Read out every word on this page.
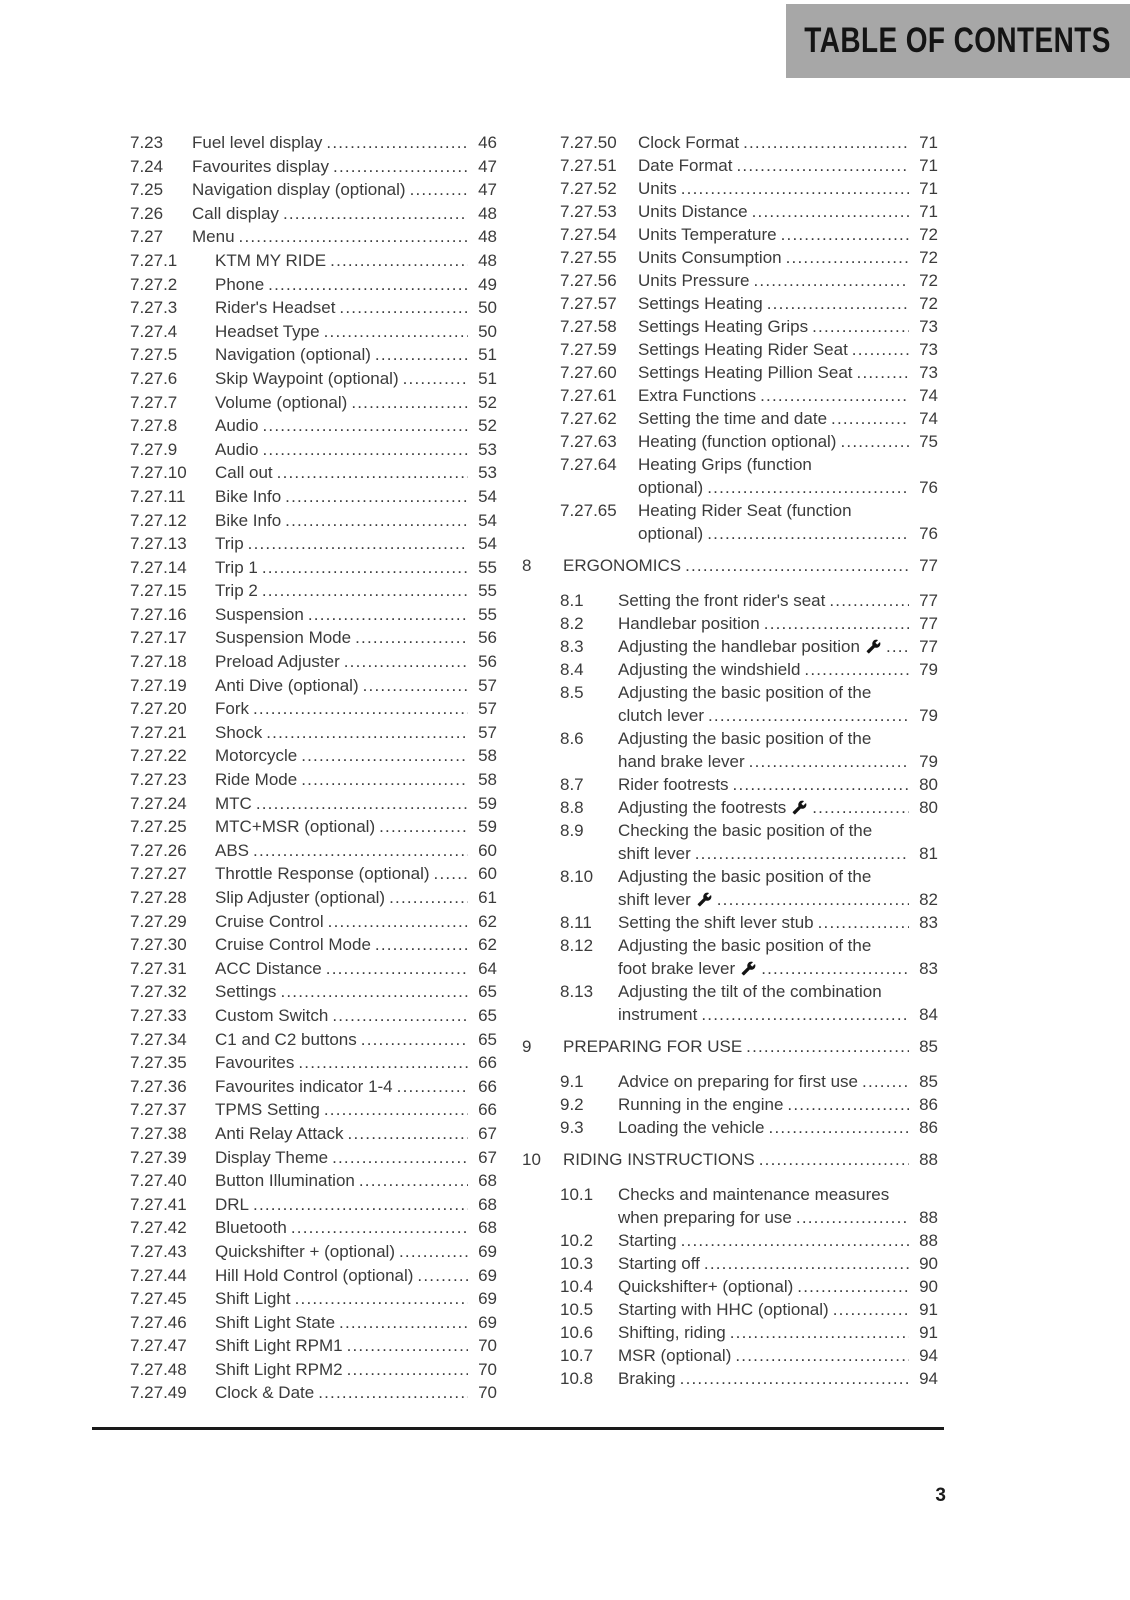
TABLE OF CONTENTS
7.23	Fuel level display .....	46
7.24	Favourites display .....	47
7.25	Navigation display (optional) .....	47
7.26	Call display .....	48
7.27	Menu .....	48
7.27.1	KTM MY RIDE .....	48
7.27.2	Phone .....	49
7.27.3	Rider's Headset .....	50
7.27.4	Headset Type .....	50
7.27.5	Navigation (optional) .....	51
7.27.6	Skip Waypoint (optional) .....	51
7.27.7	Volume (optional) .....	52
7.27.8	Audio .....	52
7.27.9	Audio .....	53
7.27.10	Call out .....	53
7.27.11	Bike Info .....	54
7.27.12	Bike Info .....	54
7.27.13	Trip .....	54
7.27.14	Trip 1 .....	55
7.27.15	Trip 2 .....	55
7.27.16	Suspension .....	55
7.27.17	Suspension Mode .....	56
7.27.18	Preload Adjuster .....	56
7.27.19	Anti Dive (optional) .....	57
7.27.20	Fork .....	57
7.27.21	Shock .....	57
7.27.22	Motorcycle .....	58
7.27.23	Ride Mode .....	58
7.27.24	MTC .....	59
7.27.25	MTC+MSR (optional) .....	59
7.27.26	ABS .....	60
7.27.27	Throttle Response (optional) .....	60
7.27.28	Slip Adjuster (optional) .....	61
7.27.29	Cruise Control .....	62
7.27.30	Cruise Control Mode .....	62
7.27.31	ACC Distance .....	64
7.27.32	Settings .....	65
7.27.33	Custom Switch .....	65
7.27.34	C1 and C2 buttons .....	65
7.27.35	Favourites .....	66
7.27.36	Favourites indicator 1-4 .....	66
7.27.37	TPMS Setting .....	66
7.27.38	Anti Relay Attack .....	67
7.27.39	Display Theme .....	67
7.27.40	Button Illumination .....	68
7.27.41	DRL .....	68
7.27.42	Bluetooth .....	68
7.27.43	Quickshifter + (optional) .....	69
7.27.44	Hill Hold Control (optional) .....	69
7.27.45	Shift Light .....	69
7.27.46	Shift Light State .....	69
7.27.47	Shift Light RPM1 .....	70
7.27.48	Shift Light RPM2 .....	70
7.27.49	Clock & Date .....	70
7.27.50	Clock Format .....	71
7.27.51	Date Format .....	71
7.27.52	Units .....	71
7.27.53	Units Distance .....	71
7.27.54	Units Temperature .....	72
7.27.55	Units Consumption .....	72
7.27.56	Units Pressure .....	72
7.27.57	Settings Heating .....	72
7.27.58	Settings Heating Grips .....	73
7.27.59	Settings Heating Rider Seat .....	73
7.27.60	Settings Heating Pillion Seat .....	73
7.27.61	Extra Functions .....	74
7.27.62	Setting the time and date .....	74
7.27.63	Heating (function optional) .....	75
7.27.64	Heating Grips (function
optional) .....	76
7.27.65	Heating Rider Seat (function
optional) .....	76
8	ERGONOMICS .....	77
8.1	Setting the front rider's seat .....	77
8.2	Handlebar position .....	77
8.3	Adjusting the handlebar position .....	77
8.4	Adjusting the windshield .....	79
8.5	Adjusting the basic position of the
clutch lever .....	79
8.6	Adjusting the basic position of the
hand brake lever .....	79
8.7	Rider footrests .....	80
8.8	Adjusting the footrests .....	80
8.9	Checking the basic position of the
shift lever .....	81
8.10	Adjusting the basic position of the
shift lever .....	82
8.11	Setting the shift lever stub .....	83
8.12	Adjusting the basic position of the
foot brake lever .....	83
8.13	Adjusting the tilt of the combination
instrument .....	84
9	PREPARING FOR USE .....	85
9.1	Advice on preparing for first use .....	85
9.2	Running in the engine .....	86
9.3	Loading the vehicle .....	86
10	RIDING INSTRUCTIONS .....	88
10.1	Checks and maintenance measures
when preparing for use .....	88
10.2	Starting .....	88
10.3	Starting off .....	90
10.4	Quickshifter+ (optional) .....	90
10.5	Starting with HHC (optional) .....	91
10.6	Shifting, riding .....	91
10.7	MSR (optional) .....	94
10.8	Braking .....	94
3
